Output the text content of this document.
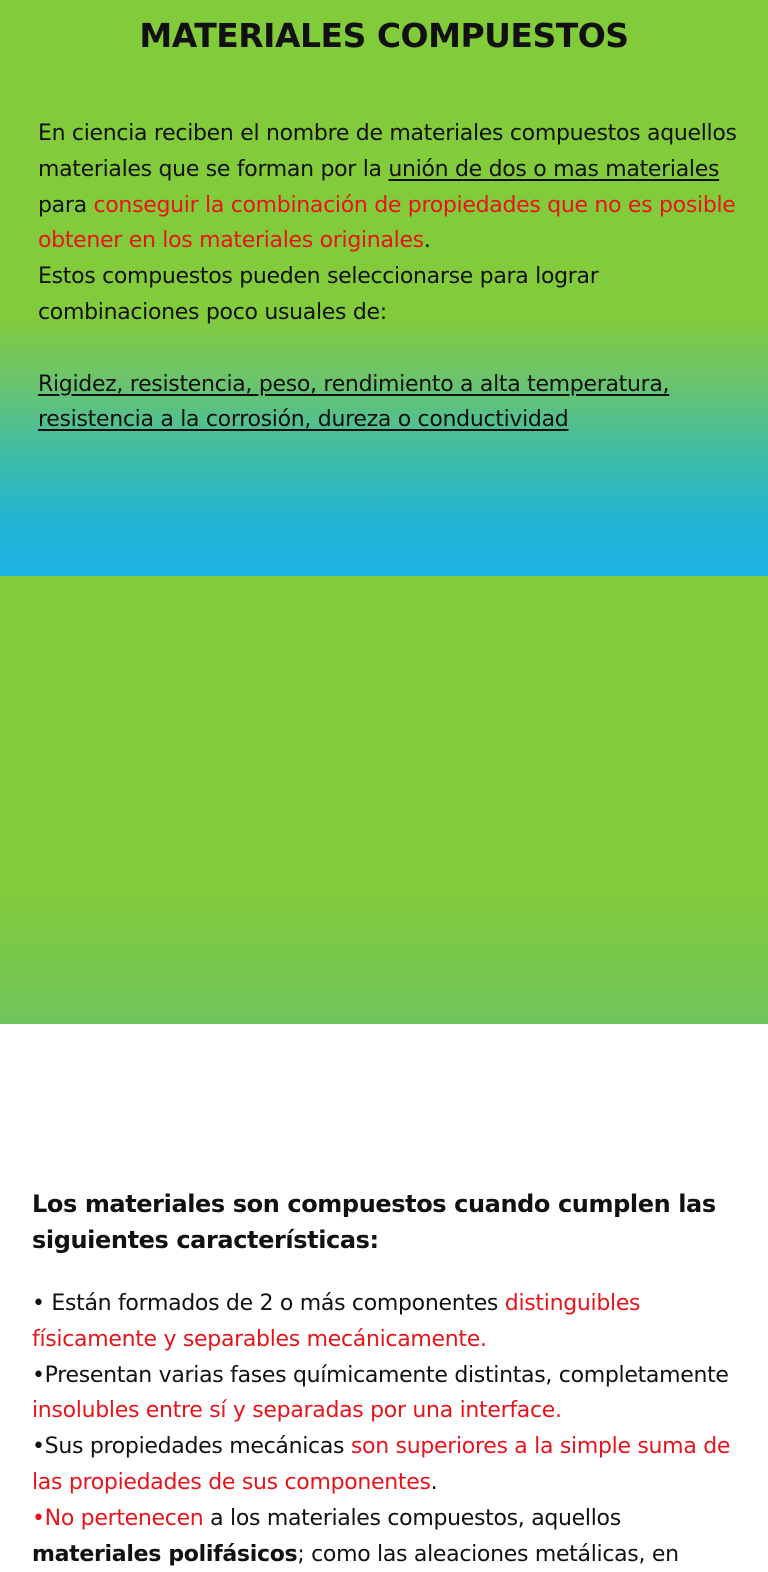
MATERIALES COMPUESTOS

En ciencia reciben el nombre de materiales compuestos aquellos materiales que se forman por la unión de dos o mas materiales para conseguir la combinación de propiedades que no es posible obtener en los materiales originales.

Estos compuestos pueden seleccionarse para lograr combinaciones poco usuales de:

Rigidez, resistencia, peso, rendimiento a alta temperatura, resistencia a la corrosión, dureza o conductividad

Los materiales son compuestos cuando cumplen las siguientes características:

• Están formados de 2 o más componentes distinguibles físicamente y separables mecánicamente.

•Presentan varias fases químicamente distintas, completamente insolubles entre sí y separadas por una interface.

•Sus propiedades mecánicas son superiores a la simple suma de las propiedades de sus componentes.

•No pertenecen a los materiales compuestos, aquellos materiales polifásicos; como las aleaciones metálicas, en
